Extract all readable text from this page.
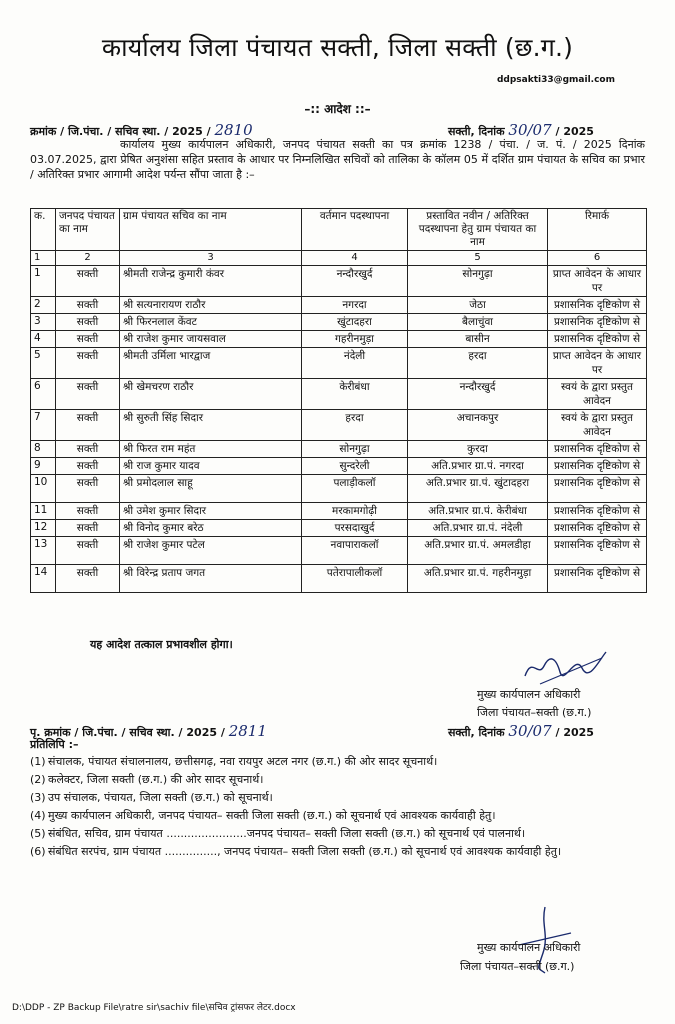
कार्यालय जिला पंचायत सक्ती, जिला सक्ती (छ.ग.)
ddpsakti33@gmail.com
–:: आदेश ::–
क्रमांक / जि.पंचा. / सचिव स्था. / 2025 / 2810	सक्ती, दिनांक 30/07 / 2025
कार्यालय मुख्य कार्यपालन अधिकारी, जनपद पंचायत सक्ती का पत्र क्रमांक 1238 / पंचा. / ज. पं. / 2025 दिनांक 03.07.2025, द्वारा प्रेषित अनुशंसा सहित प्रस्ताव के आधार पर निम्नलिखित सचिवों को तालिका के कॉलम 05 में दर्शित ग्राम पंचायत के सचिव का प्रभार / अतिरिक्त प्रभार आगामी आदेश पर्यन्त सौंपा जाता है :–
क.	जनपद पंचायत का नाम	ग्राम पंचायत सचिव का नाम	वर्तमान पदस्थापना	प्रस्तावित नवीन / अतिरिक्त पदस्थापना हेतु ग्राम पंचायत का नाम	रिमार्क
1	2	3	4	5	6
1	सक्ती	श्रीमती राजेन्द्र कुमारी कंवर	नन्दौरखुर्द	सोनगुढ़ा	प्राप्त आवेदन के आधार पर
2	सक्ती	श्री सत्यनारायण राठौर	नगरदा	जेठा	प्रशासनिक दृष्टिकोण से
3	सक्ती	श्री फिरनलाल केंवट	खुंटादहरा	बैलाचुंवा	प्रशासनिक दृष्टिकोण से
4	सक्ती	श्री राजेश कुमार जायसवाल	गहरीनमुड़ा	बासीन	प्रशासनिक दृष्टिकोण से
5	सक्ती	श्रीमती उर्मिला भारद्वाज	नंदेली	हरदा	प्राप्त आवेदन के आधार पर
6	सक्ती	श्री खेमचरण राठौर	केरीबंधा	नन्दौरखुर्द	स्वयं के द्वारा प्रस्तुत आवेदन
7	सक्ती	श्री सुरुती सिंह सिदार	हरदा	अचानकपुर	स्वयं के द्वारा प्रस्तुत आवेदन
8	सक्ती	श्री फिरत राम महंत	सोनगुढ़ा	कुरदा	प्रशासनिक दृष्टिकोण से
9	सक्ती	श्री राज कुमार यादव	सुन्दरेली	अति.प्रभार ग्रा.पं. नगरदा	प्रशासनिक दृष्टिकोण से
10	सक्ती	श्री प्रमोदलाल साहू	पलाड़ीकलॉ	अति.प्रभार ग्रा.पं. खुंटादहरा	प्रशासनिक दृष्टिकोण से
11	सक्ती	श्री उमेश कुमार सिदार	मरकामगोढ़ी	अति.प्रभार ग्रा.पं. केरीबंधा	प्रशासनिक दृष्टिकोण से
12	सक्ती	श्री विनोद कुमार बरेठ	परसदाखुर्द	अति.प्रभार ग्रा.पं. नंदेली	प्रशासनिक दृष्टिकोण से
13	सक्ती	श्री राजेश कुमार पटेल	नवापाराकलॉ	अति.प्रभार ग्रा.पं. अमलडीहा	प्रशासनिक दृष्टिकोण से
14	सक्ती	श्री विरेन्द्र प्रताप जगत	पतेरापालीकलॉ	अति.प्रभार ग्रा.पं. गहरीनमुड़ा	प्रशासनिक दृष्टिकोण से
यह आदेश तत्काल प्रभावशील होगा।
मुख्य कार्यपालन अधिकारी
जिला पंचायत–सक्ती (छ.ग.)
पृ. क्रमांक / जि.पंचा. / सचिव स्था. / 2025 / 2811	सक्ती, दिनांक 30/07 / 2025
प्रतिलिपि :–
(1) संचालक, पंचायत संचालनालय, छत्तीसगढ़, नवा रायपुर अटल नगर (छ.ग.) की ओर सादर सूचनार्थ।
(2) कलेक्टर, जिला सक्ती (छ.ग.) की ओर सादर सूचनार्थ।
(3) उप संचालक, पंचायत, जिला सक्ती (छ.ग.) को सूचनार्थ।
(4) मुख्य कार्यपालन अधिकारी, जनपद पंचायत– सक्ती जिला सक्ती (छ.ग.) को सूचनार्थ एवं आवश्यक कार्यवाही हेतु।
(5) संबंधित, सचिव, ग्राम पंचायत .......................जनपद पंचायत– सक्ती जिला सक्ती (छ.ग.) को सूचनार्थ एवं पालनार्थ।
(6) संबंधित सरपंच, ग्राम पंचायत ..............., जनपद पंचायत– सक्ती जिला सक्ती (छ.ग.) को सूचनार्थ एवं आवश्यक कार्यवाही हेतु।
मुख्य कार्यपालन अधिकारी
जिला पंचायत–सक्ती (छ.ग.)
D:\DDP - ZP Backup File\ratre sir\sachiv file\सचिव ट्रांसफर लेटर.docx
